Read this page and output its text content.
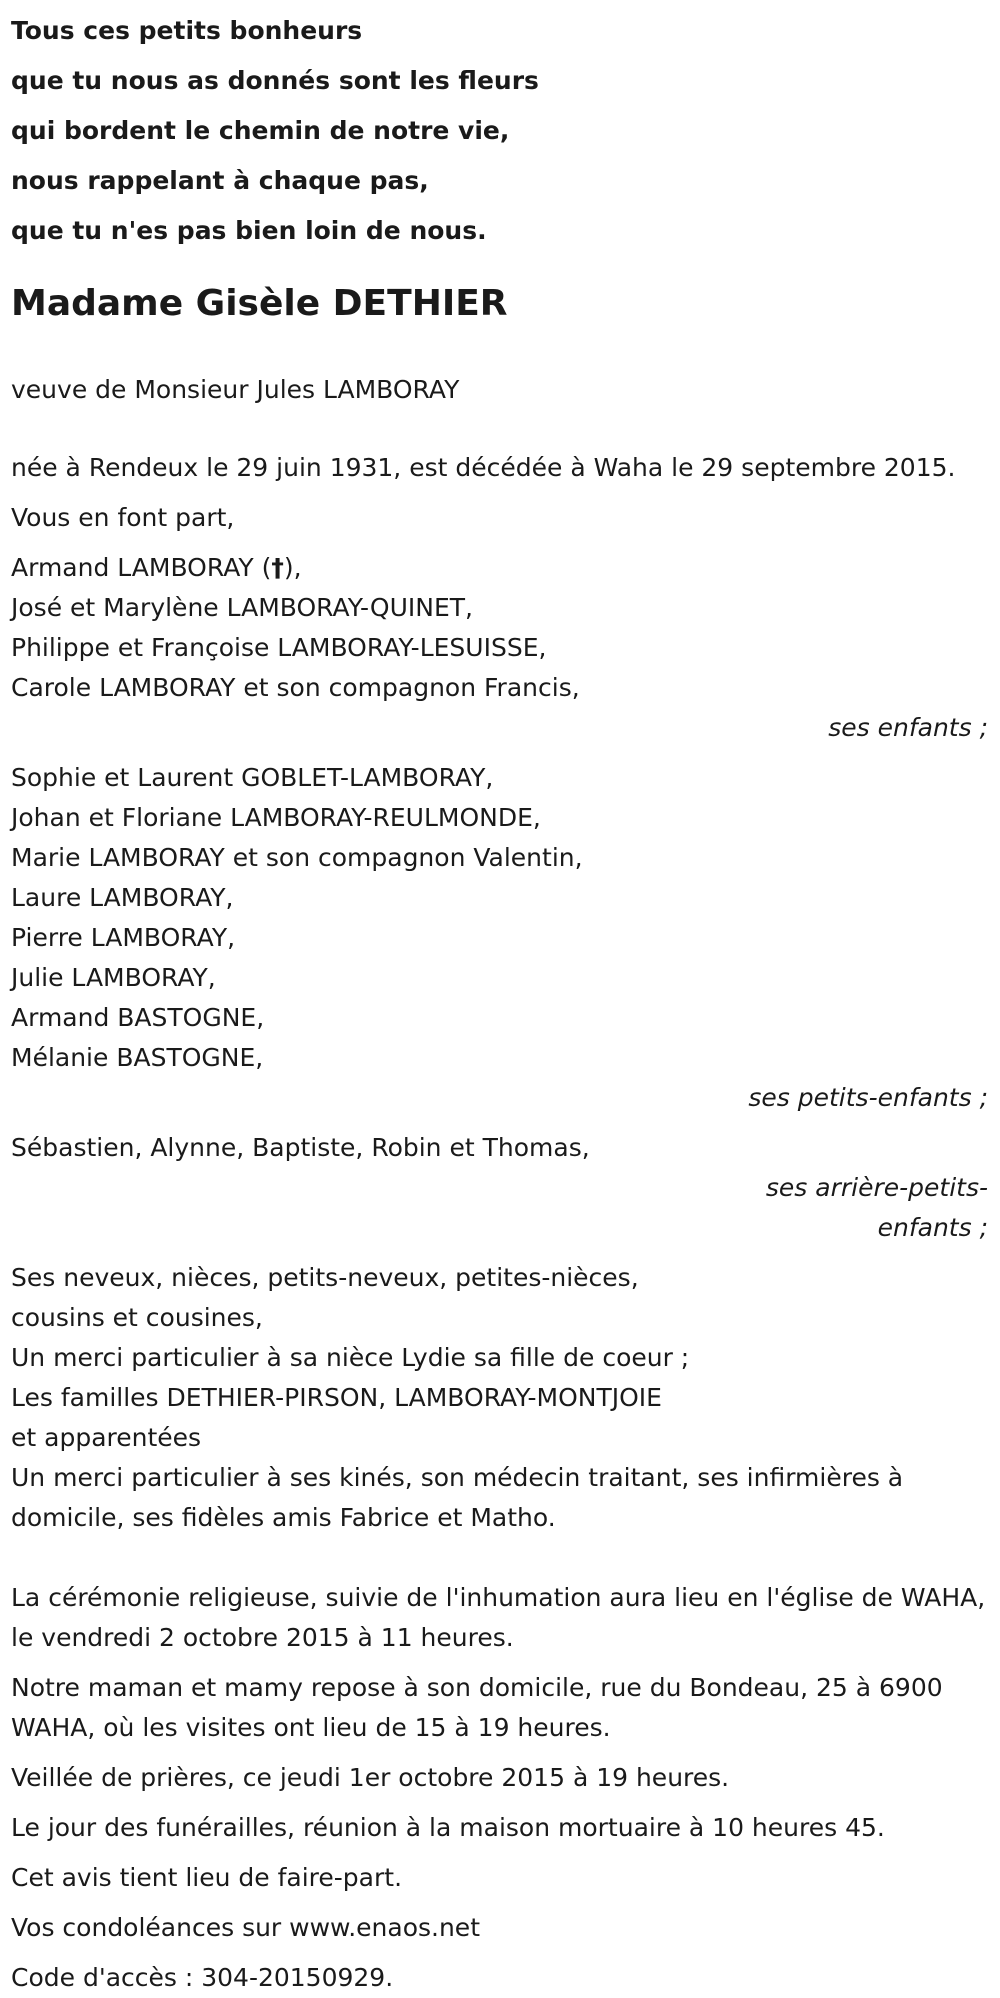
Tous ces petits bonheurs

que tu nous as donnés sont les fleurs

qui bordent le chemin de notre vie,

nous rappelant à chaque pas,

que tu n'es pas bien loin de nous.

Madame Gisèle DETHIER

veuve de Monsieur Jules LAMBORAY

née à Rendeux le 29 juin 1931, est décédée à Waha le 29 septembre 2015.

Vous en font part,

Armand LAMBORAY (†),

José et Marylène LAMBORAY-QUINET,

Philippe et Françoise LAMBORAY-LESUISSE,

Carole LAMBORAY et son compagnon Francis,

ses enfants ;

Sophie et Laurent GOBLET-LAMBORAY,

Johan et Floriane LAMBORAY-REULMONDE,

Marie LAMBORAY et son compagnon Valentin,

Laure LAMBORAY,

Pierre LAMBORAY,

Julie LAMBORAY,

Armand BASTOGNE,

Mélanie BASTOGNE,

ses petits-enfants ;

Sébastien, Alynne, Baptiste, Robin et Thomas,

ses arrière-petits-

enfants ;

Ses neveux, nièces, petits-neveux, petites-nièces,

cousins et cousines,

Un merci particulier à sa nièce Lydie sa fille de coeur ;

Les familles DETHIER-PIRSON, LAMBORAY-MONTJOIE

et apparentées

Un merci particulier à ses kinés, son médecin traitant, ses infirmières à domicile, ses fidèles amis Fabrice et Matho.

La cérémonie religieuse, suivie de l'inhumation aura lieu en l'église de WAHA, le vendredi 2 octobre 2015 à 11 heures.

Notre maman et mamy repose à son domicile, rue du Bondeau, 25 à 6900 WAHA, où les visites ont lieu de 15 à 19 heures.

Veillée de prières, ce jeudi 1er octobre 2015 à 19 heures.

Le jour des funérailles, réunion à la maison mortuaire à 10 heures 45.

Cet avis tient lieu de faire-part.

Vos condoléances sur www.enaos.net

Code d'accès : 304-20150929.
